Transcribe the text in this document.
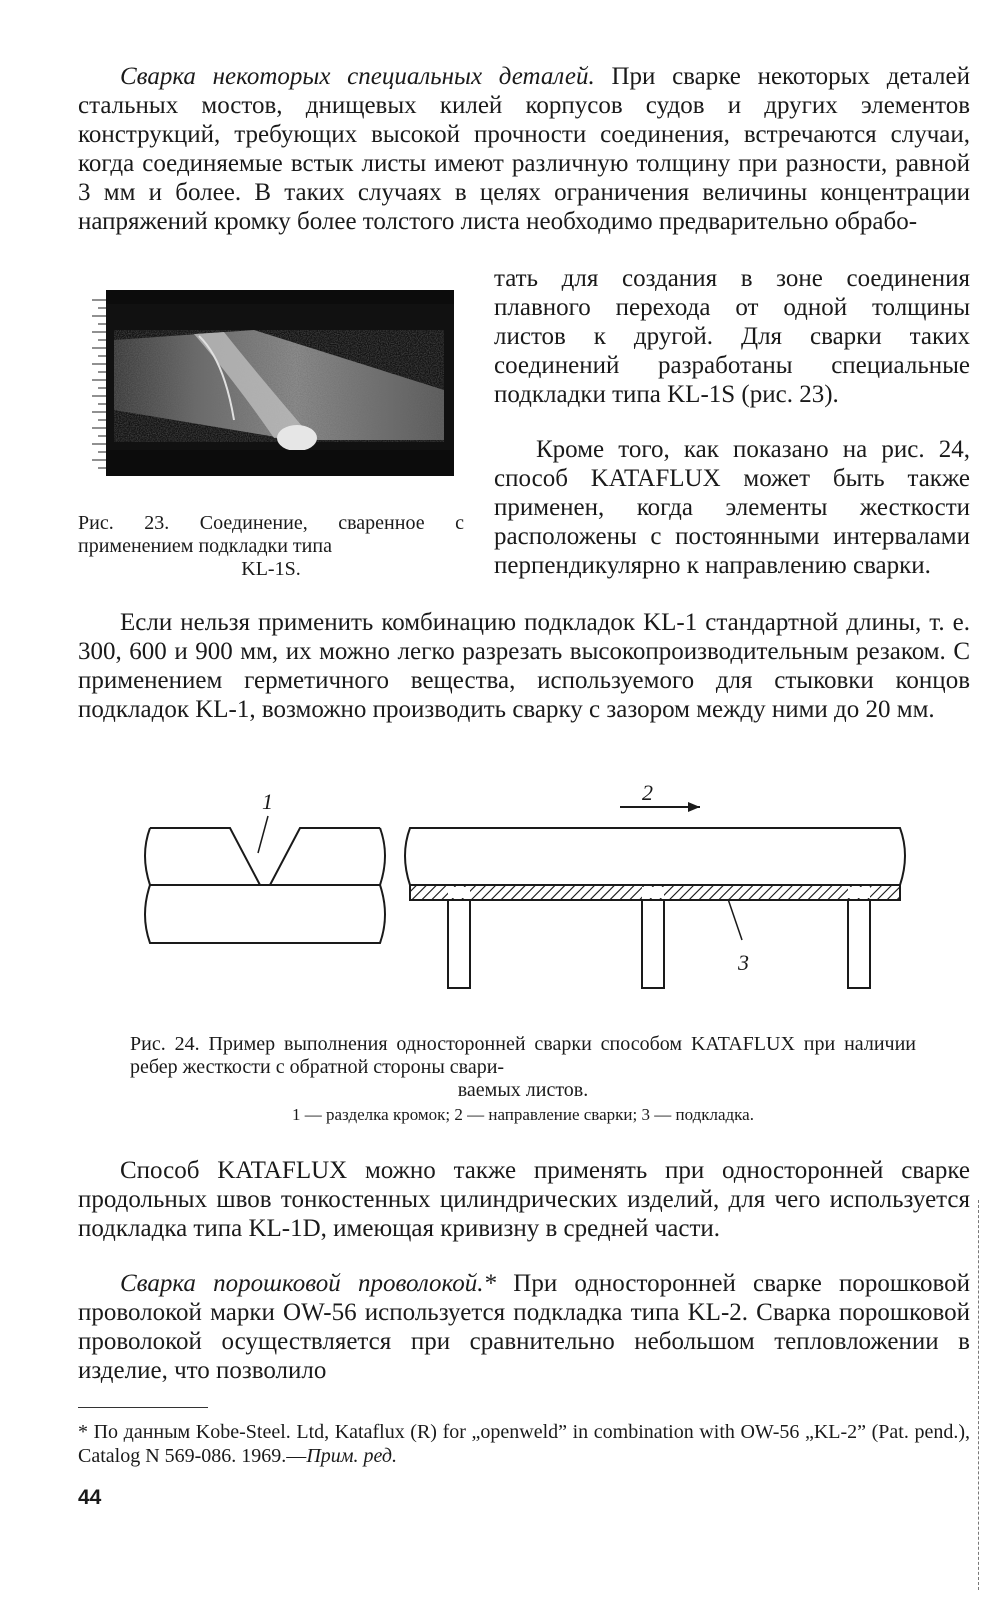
Сварка некоторых специальных деталей. При сварке некоторых деталей стальных мостов, днищевых килей корпусов судов и других элементов конструкций, требующих высокой прочности соединения, встречаются случаи, когда соединяемые встык листы имеют различную толщину при разности, равной 3 мм и более. В таких случаях в целях ограничения величины концентрации напряжений кромку более толстого листа необходимо предварительно обрабо-

Рис. 23. Соединение, сваренное с применением подкладки типа
KL-1S.

тать для создания в зоне соединения плавного перехода от одной толщины листов к другой. Для сварки таких соединений разработаны специальные подкладки типа KL-1S (рис. 23).

Кроме того, как показано на рис. 24, способ KATAFLUX может быть также применен, когда элементы жесткости расположены с постоянными интервалами перпендикулярно к направлению сварки.

Если нельзя применить комбинацию подкладок KL-1 стандартной длины, т. е. 300, 600 и 900 мм, их можно легко разрезать высокопроизводительным резаком. С применением герметичного вещества, используемого для стыковки концов подкладок KL-1, возможно производить сварку с зазором между ними до 20 мм.

1
3
2

Рис. 24. Пример выполнения односторонней сварки способом KATAFLUX при наличии ребер жесткости с обратной стороны свари-
ваемых листов.

1 — разделка кромок; 2 — направление сварки; 3 — подкладка.

Способ KATAFLUX можно также применять при односторонней сварке продольных швов тонкостенных цилиндрических изделий, для чего используется подкладка типа KL-1D, имеющая кривизну в средней части.

Сварка порошковой проволокой.* При односторонней сварке порошковой проволокой марки OW-56 используется подкладка типа KL-2. Сварка порошковой проволокой осуществляется при сравнительно небольшом тепловложении в изделие, что позволило

* По данным Kobe-Steel. Ltd, Kataflux (R) for „openweld” in combination with OW-56 „KL-2” (Pat. pend.), Catalog N 569-086. 1969.—Прим. ред.

44
